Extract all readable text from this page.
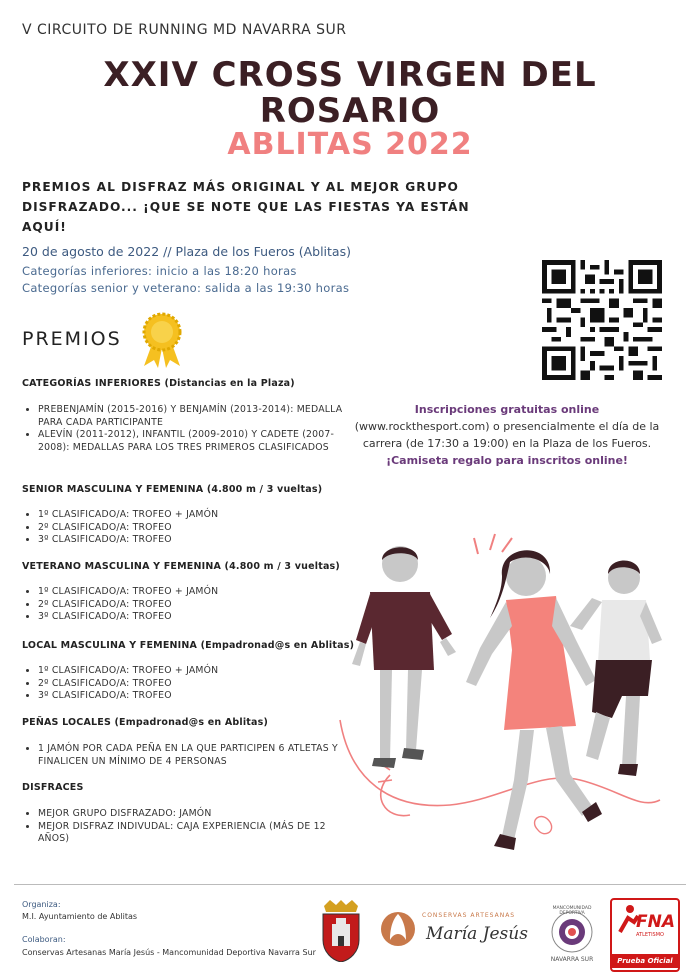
V CIRCUITO DE RUNNING MD NAVARRA SUR
XXIV CROSS VIRGEN DEL
ROSARIO
ABLITAS 2022
PREMIOS AL DISFRAZ MÁS ORIGINAL Y AL MEJOR GRUPO DISFRAZADO... ¡QUE SE NOTE QUE LAS FIESTAS YA ESTÁN AQUÍ!
20 de agosto de 2022 // Plaza de los Fueros (Ablitas)
Categorías inferiores: inicio a las 18:20 horas
Categorías senior y veterano: salida a las 19:30 horas
PREMIOS
CATEGORÍAS INFERIORES (Distancias en la Plaza)
• PREBENJAMÍN (2015-2016) Y BENJAMÍN (2013-2014): MEDALLA PARA CADA PARTICIPANTE
• ALEVÍN (2011-2012), INFANTIL (2009-2010) Y CADETE (2007-2008): MEDALLAS PARA LOS TRES PRIMEROS CLASIFICADOS
SENIOR MASCULINA Y FEMENINA (4.800 m / 3 vueltas)
• 1º CLASIFICADO/A: TROFEO + JAMÓN
• 2º CLASIFICADO/A: TROFEO
• 3º CLASIFICADO/A: TROFEO
VETERANO MASCULINA Y FEMENINA (4.800 m / 3 vueltas)
• 1º CLASIFICADO/A: TROFEO + JAMÓN
• 2º CLASIFICADO/A: TROFEO
• 3º CLASIFICADO/A: TROFEO
LOCAL MASCULINA Y FEMENINA (Empadronad@s en Ablitas)
• 1º CLASIFICADO/A: TROFEO + JAMÓN
• 2º CLASIFICADO/A: TROFEO
• 3º CLASIFICADO/A: TROFEO
PEÑAS LOCALES (Empadronad@s en Ablitas)
• 1 JAMÓN POR CADA PEÑA EN LA QUE PARTICIPEN 6 ATLETAS Y FINALICEN UN MÍNIMO DE 4 PERSONAS
DISFRACES
• MEJOR GRUPO DISFRAZADO: JAMÓN
• MEJOR DISFRAZ INDIVUDAL: CAJA EXPERIENCIA (MÁS DE 12 AÑOS)
Inscripciones gratuitas online (www.rockthesport.com) o presencialmente el día de la carrera (de 17:30 a 19:00) en la Plaza de los Fueros.
¡Camiseta regalo para inscritos online!
Organiza:
M.I. Ayuntamiento de Ablitas
Colaboran:
Conservas Artesanas María Jesús - Mancomunidad Deportiva Navarra Sur
CONSERVAS ARTESANAS
María Jesús
MANCOMUNIDAD DEPORTIVA
NAVARRA SUR
FNA
ATLETISMO
Prueba Oficial
